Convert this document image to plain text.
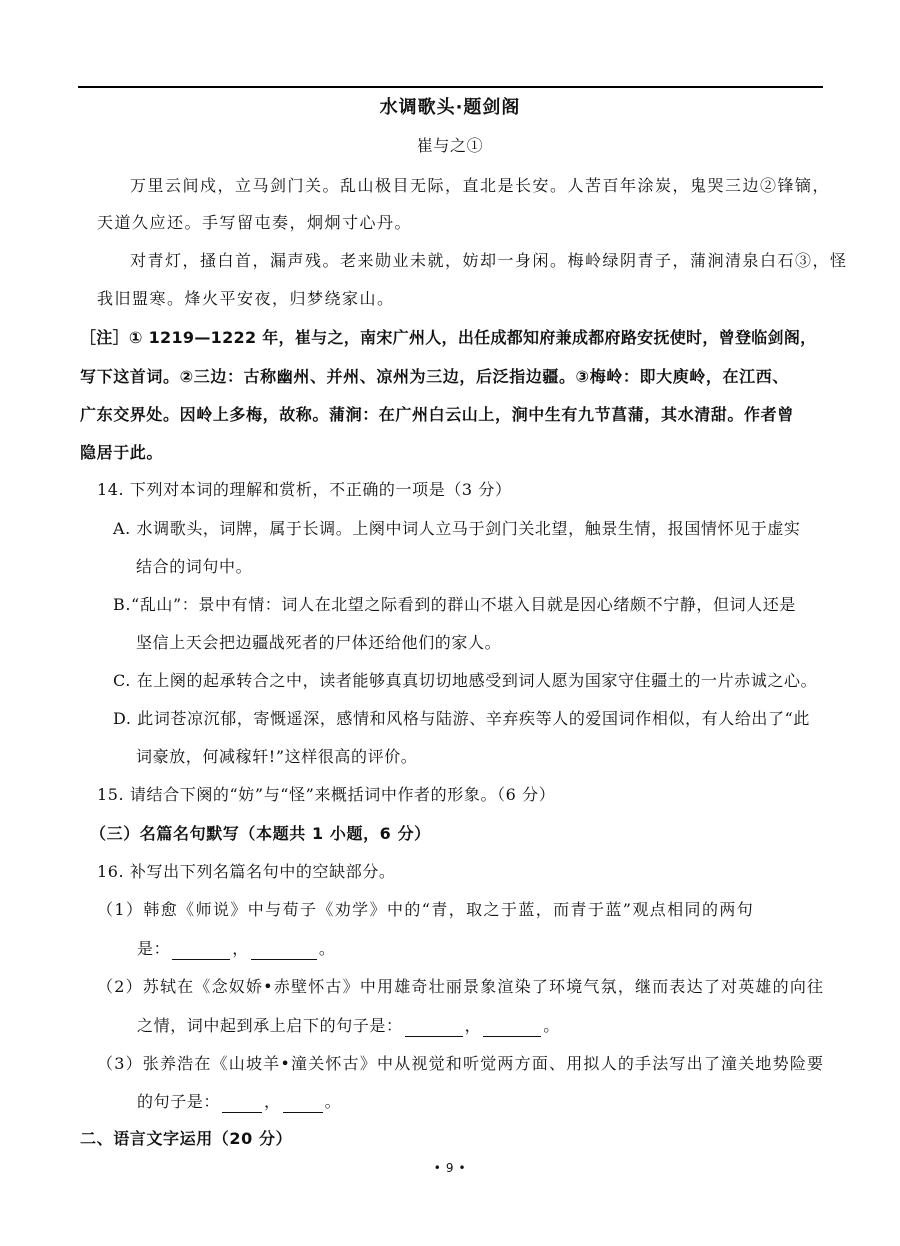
水调歌头·题剑阁
崔与之①
万里云间戍，立马剑门关。乱山极目无际，直北是长安。人苦百年涂炭，鬼哭三边②锋镝，
天道久应还。手写留屯奏，炯炯寸心丹。
对青灯，搔白首，漏声残。老来勋业未就，妨却一身闲。梅岭绿阴青子，蒲涧清泉白石③，怪
我旧盟寒。烽火平安夜，归梦绕家山。
［注］① 1219—1222 年，崔与之，南宋广州人，出任成都知府兼成都府路安抚使时，曾登临剑阁，
写下这首词。②三边：古称幽州、并州、凉州为三边，后泛指边疆。③梅岭：即大庾岭，在江西、
广东交界处。因岭上多梅，故称。蒲涧：在广州白云山上，涧中生有九节菖蒲，其水清甜。作者曾
隐居于此。
14. 下列对本词的理解和赏析，不正确的一项是（3 分）
A. 水调歌头，词牌，属于长调。上阕中词人立马于剑门关北望，触景生情，报国情怀见于虚实
结合的词句中。
B.“乱山”：景中有情：词人在北望之际看到的群山不堪入目就是因心绪颇不宁静，但词人还是
坚信上天会把边疆战死者的尸体还给他们的家人。
C. 在上阕的起承转合之中，读者能够真真切切地感受到词人愿为国家守住疆土的一片赤诚之心。
D. 此词苍凉沉郁，寄慨遥深，感情和风格与陆游、辛弃疾等人的爱国词作相似，有人给出了“此
词豪放，何减稼轩!”这样很高的评价。
15. 请结合下阕的“妨”与“怪”来概括词中作者的形象。（6 分）
（三）名篇名句默写（本题共 1 小题，6 分）
16. 补写出下列名篇名句中的空缺部分。
（1）韩愈《师说》中与荀子《劝学》中的“青，取之于蓝，而青于蓝”观点相同的两句
是：	，	。
（2）苏轼在《念奴娇•赤壁怀古》中用雄奇壮丽景象渲染了环境气氛，继而表达了对英雄的向往
之情，词中起到承上启下的句子是：	，	。
（3）张养浩在《山坡羊•潼关怀古》中从视觉和听觉两方面、用拟人的手法写出了潼关地势险要
的句子是：	，	。
二、语言文字运用（20 分）
• 9 •
